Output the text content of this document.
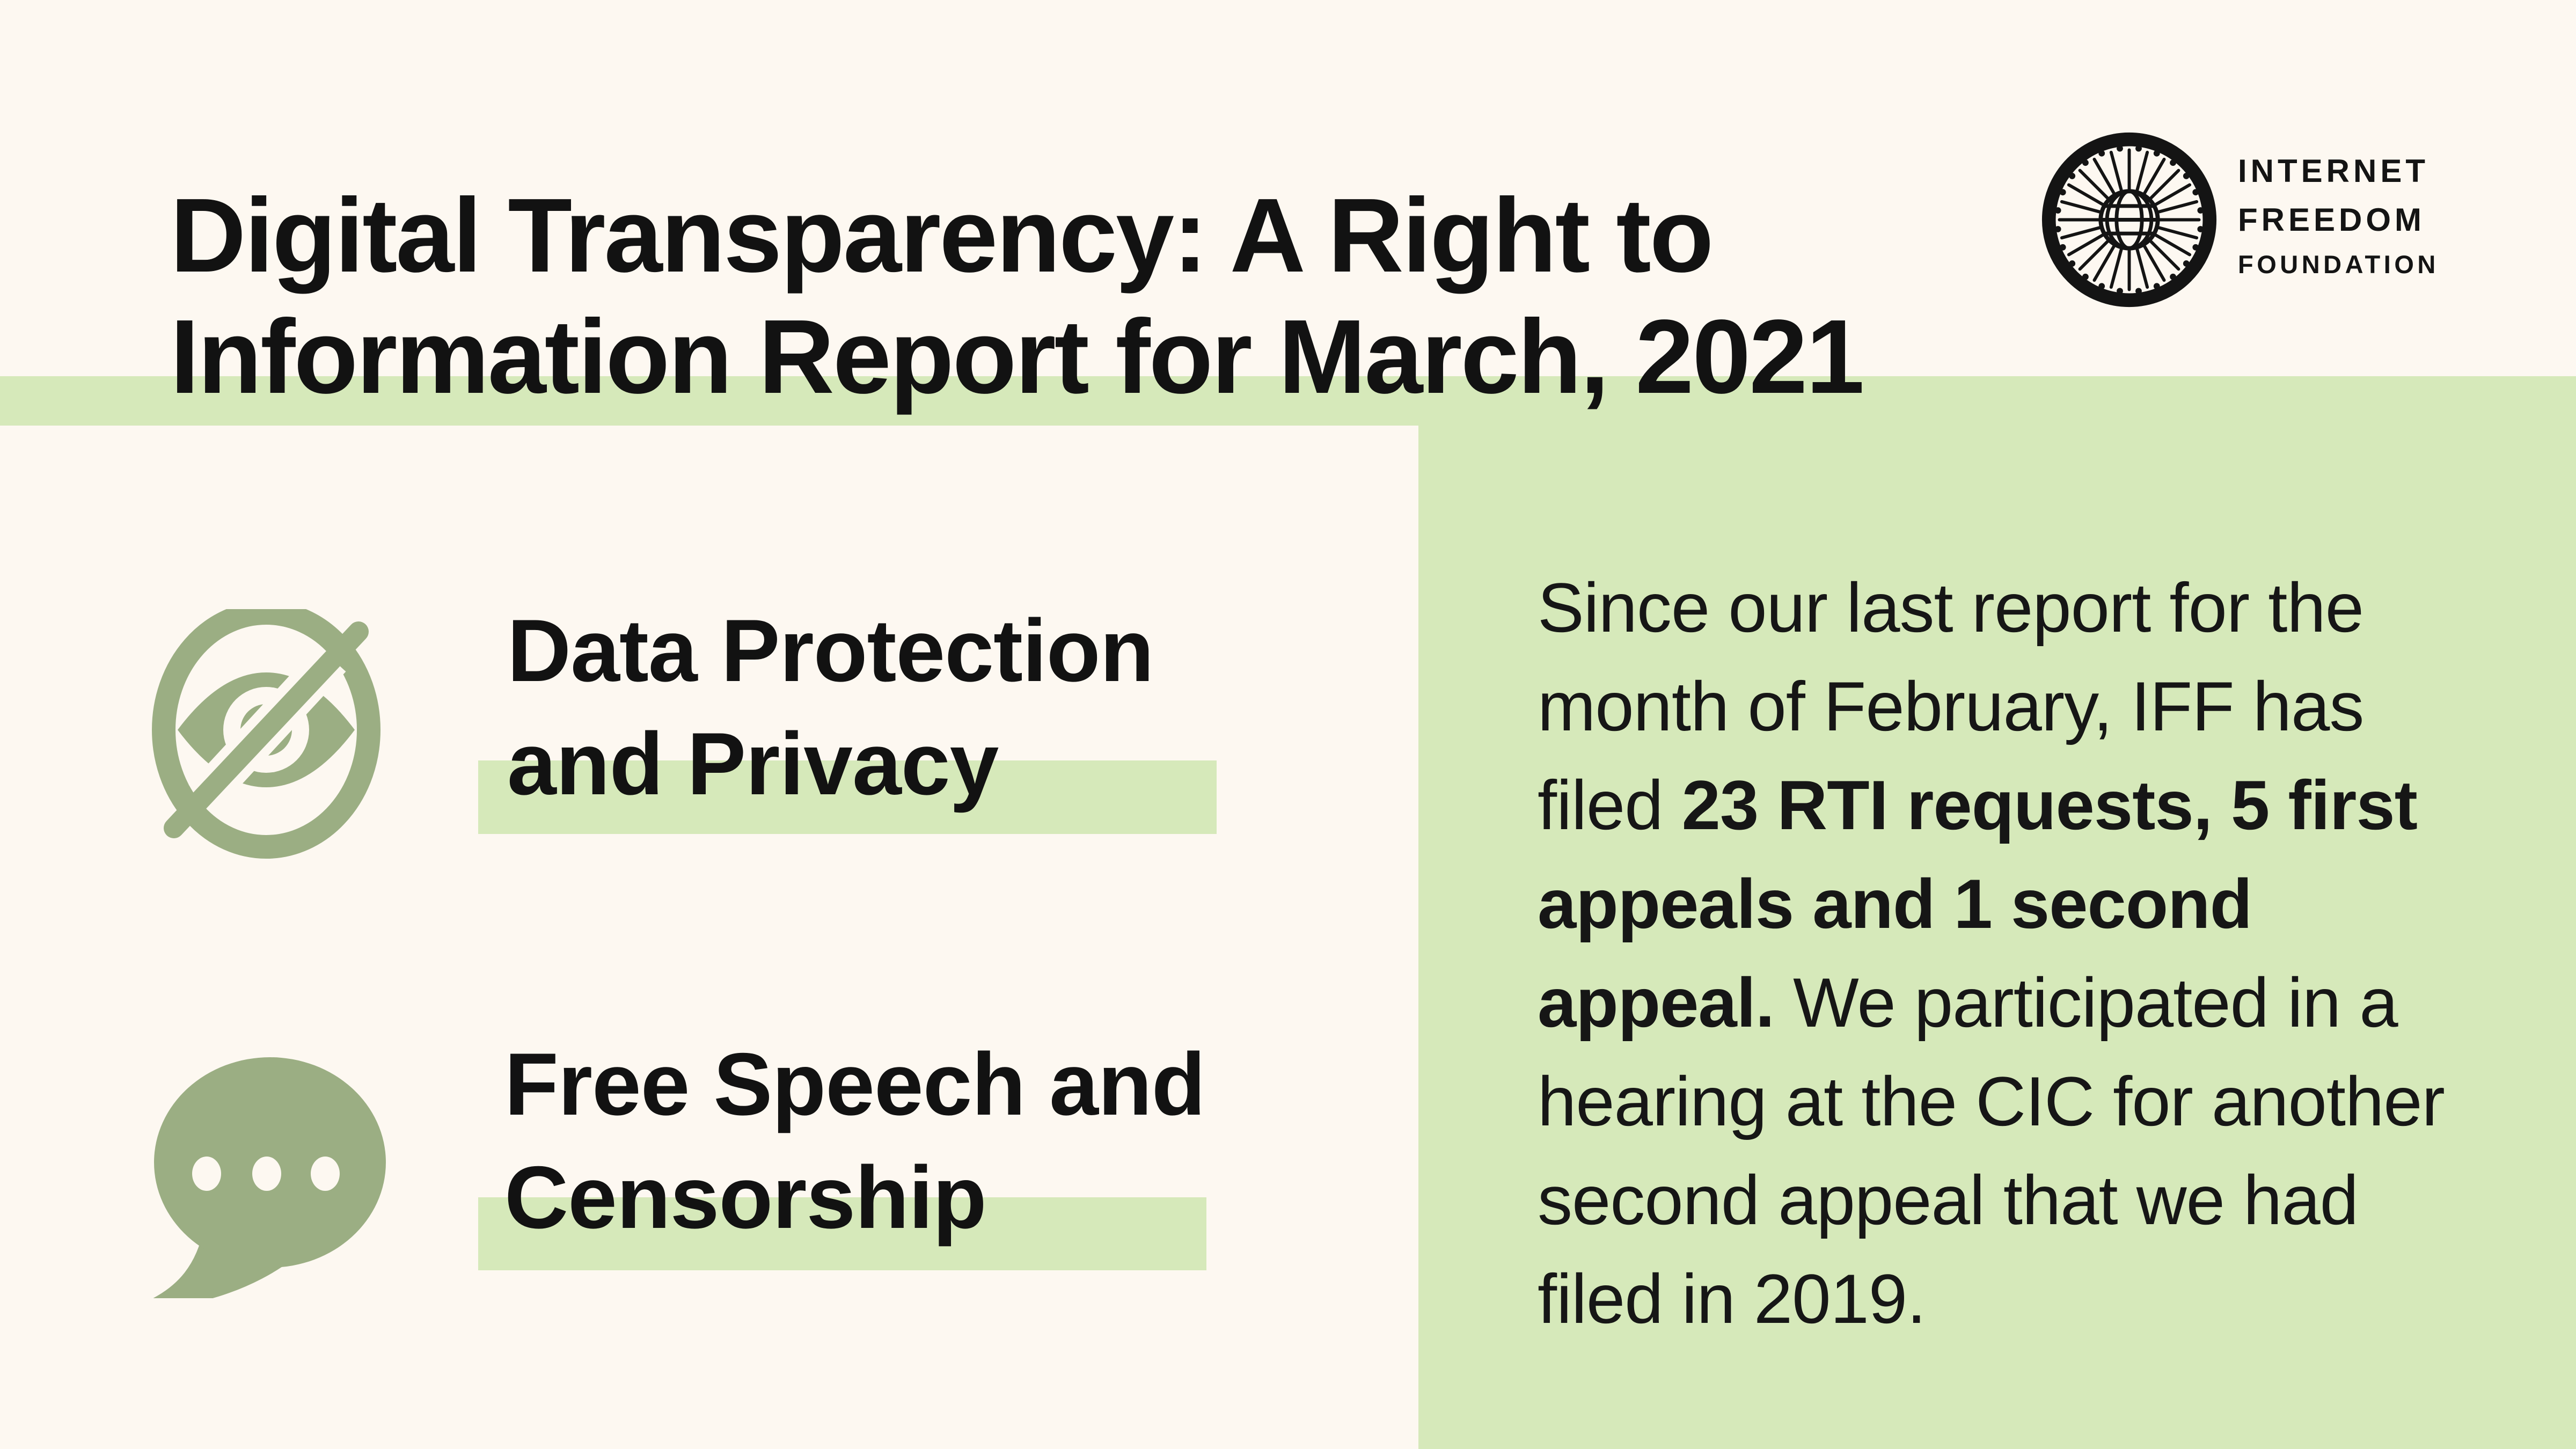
Digital Transparency: A Right to
Information Report for March, 2021
INTERNET
FREEDOM
FOUNDATION
Data Protection
and Privacy
Free Speech and
Censorship
Since our last report for the
month of February, IFF has
filed 23 RTI requests, 5 first
appeals and 1 second
appeal. We participated in a
hearing at the CIC for another
second appeal that we had
filed in 2019.
